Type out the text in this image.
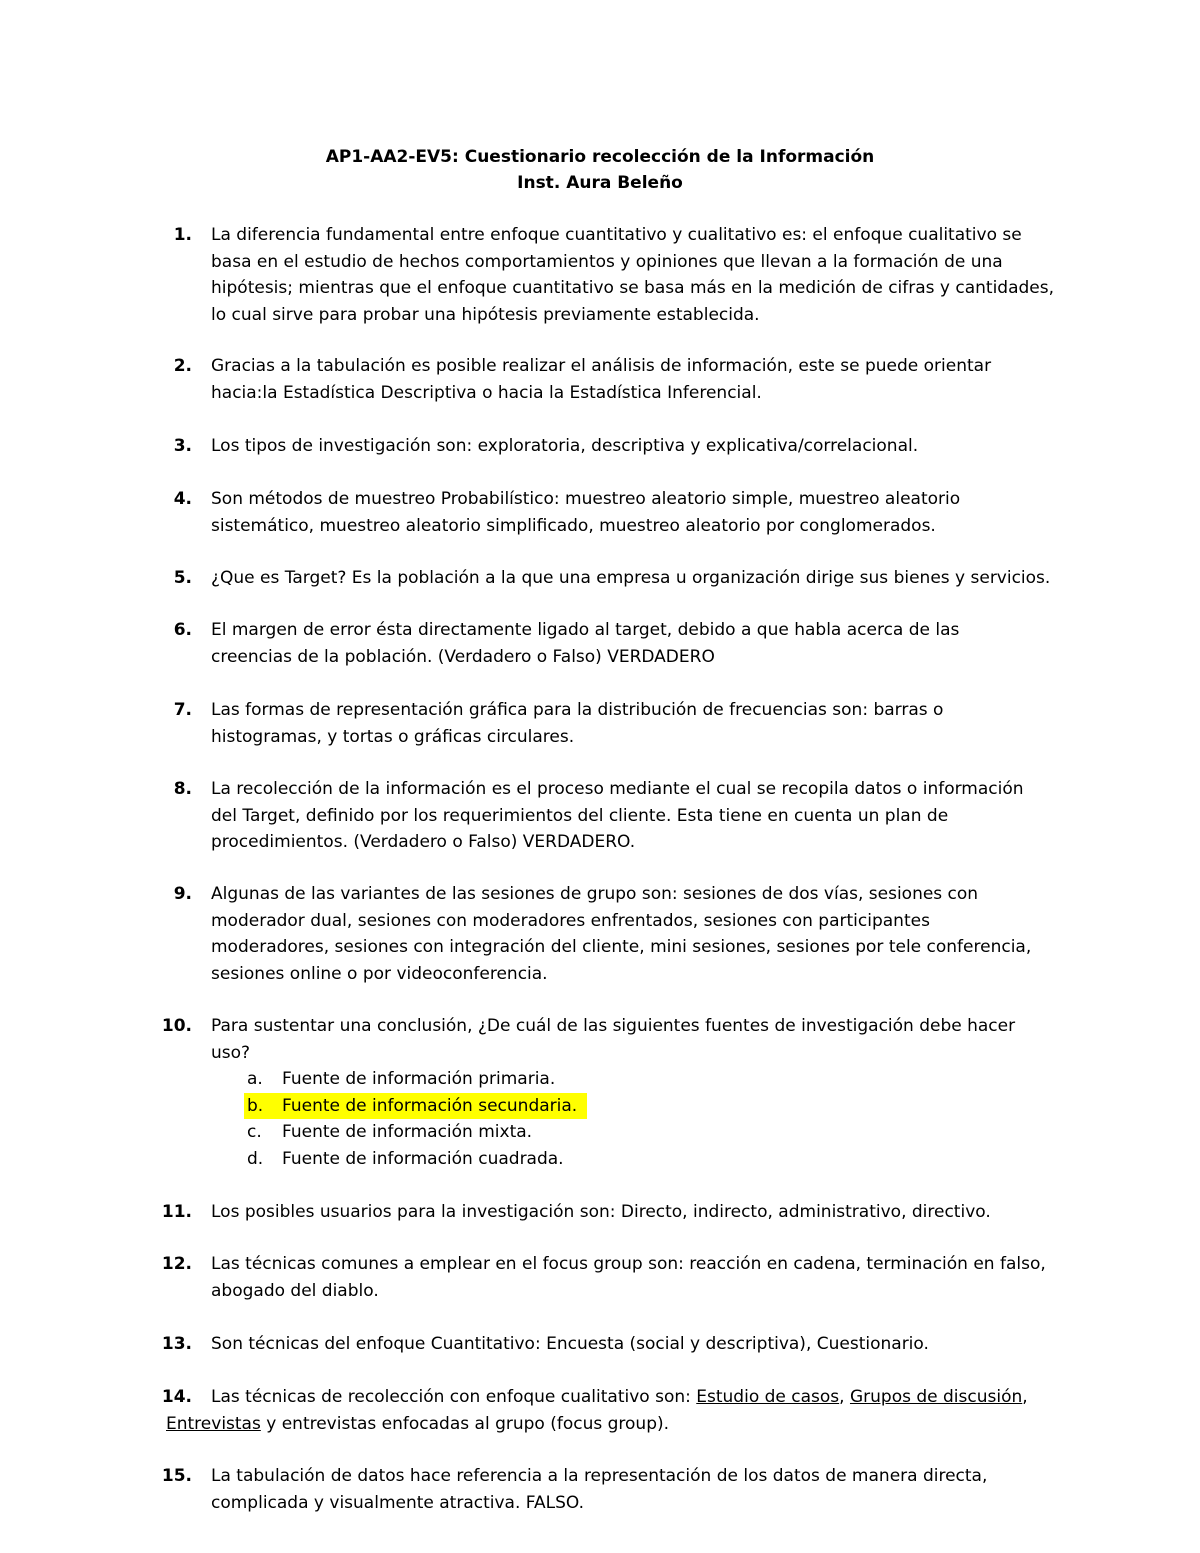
AP1-AA2-EV5: Cuestionario recolección de la Información
Inst. Aura Beleño
1. La diferencia fundamental entre enfoque cuantitativo y cualitativo es: el enfoque cualitativo se
basa en el estudio de hechos comportamientos y opiniones que llevan a la formación de una
hipótesis; mientras que el enfoque cuantitativo se basa más en la medición de cifras y cantidades,
lo cual sirve para probar una hipótesis previamente establecida.
2. Gracias a la tabulación es posible realizar el análisis de información, este se puede orientar
hacia:la Estadística Descriptiva o hacia la Estadística Inferencial.
3. Los tipos de investigación son: exploratoria, descriptiva y explicativa/correlacional.
4. Son métodos de muestreo Probabilístico: muestreo aleatorio simple, muestreo aleatorio
sistemático, muestreo aleatorio simplificado, muestreo aleatorio por conglomerados.
5. ¿Que es Target? Es la población a la que una empresa u organización dirige sus bienes y servicios.
6. El margen de error ésta directamente ligado al target, debido a que habla acerca de las
creencias de la población. (Verdadero o Falso) VERDADERO
7. Las formas de representación gráfica para la distribución de frecuencias son: barras o
histogramas, y tortas o gráficas circulares.
8. La recolección de la información es el proceso mediante el cual se recopila datos o información
del Target, definido por los requerimientos del cliente. Esta tiene en cuenta un plan de
procedimientos. (Verdadero o Falso) VERDADERO.
9. Algunas de las variantes de las sesiones de grupo son: sesiones de dos vías, sesiones con
moderador dual, sesiones con moderadores enfrentados, sesiones con participantes
moderadores, sesiones con integración del cliente, mini sesiones, sesiones por tele conferencia,
sesiones online o por videoconferencia.
10. Para sustentar una conclusión, ¿De cuál de las siguientes fuentes de investigación debe hacer
uso?
a. Fuente de información primaria.
b. Fuente de información secundaria.
c. Fuente de información mixta.
d. Fuente de información cuadrada.
11. Los posibles usuarios para la investigación son: Directo, indirecto, administrativo, directivo.
12. Las técnicas comunes a emplear en el focus group son: reacción en cadena, terminación en falso,
abogado del diablo.
13. Son técnicas del enfoque Cuantitativo: Encuesta (social y descriptiva), Cuestionario.
14. Las técnicas de recolección con enfoque cualitativo son: Estudio de casos, Grupos de discusión,
Entrevistas y entrevistas enfocadas al grupo (focus group).
15. La tabulación de datos hace referencia a la representación de los datos de manera directa,
complicada y visualmente atractiva. FALSO.
